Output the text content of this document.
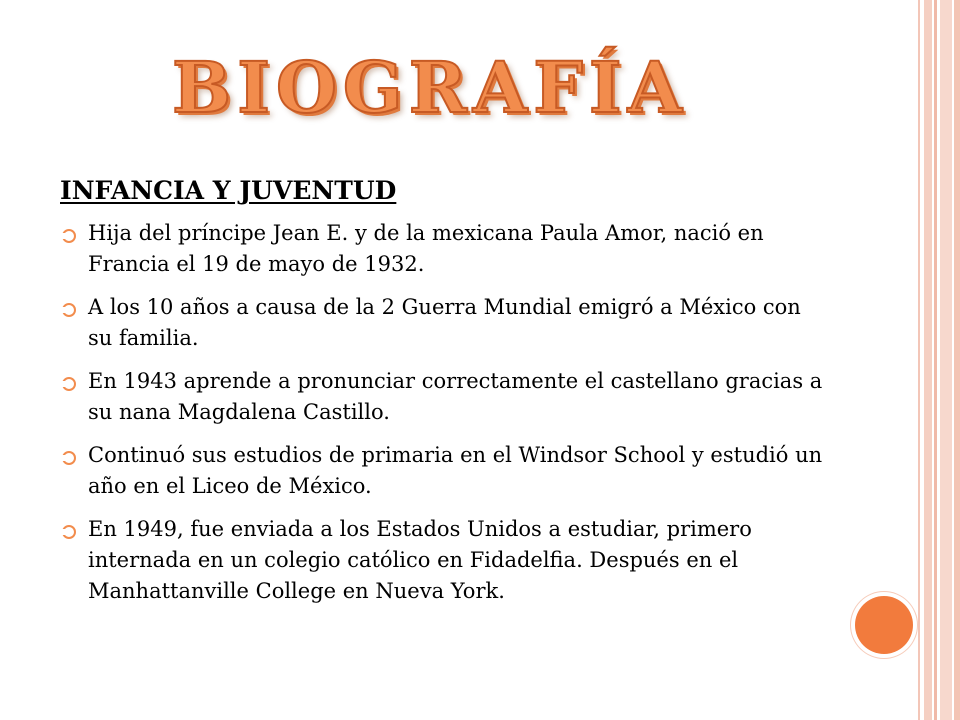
BIOGRAFÍA
INFANCIA Y JUVENTUD
Hija del príncipe Jean E. y de la mexicana Paula Amor, nació en Francia el 19 de mayo de 1932.
A los 10 años a causa de la 2 Guerra Mundial emigró a México con su familia.
En 1943 aprende a pronunciar correctamente el castellano gracias a su nana Magdalena Castillo.
Continuó sus estudios de primaria en el Windsor School y estudió un año en el Liceo de México.
En 1949, fue enviada a los Estados Unidos a estudiar, primero internada en un colegio católico en Fidadelfia. Después en el Manhattanville College en Nueva York.
